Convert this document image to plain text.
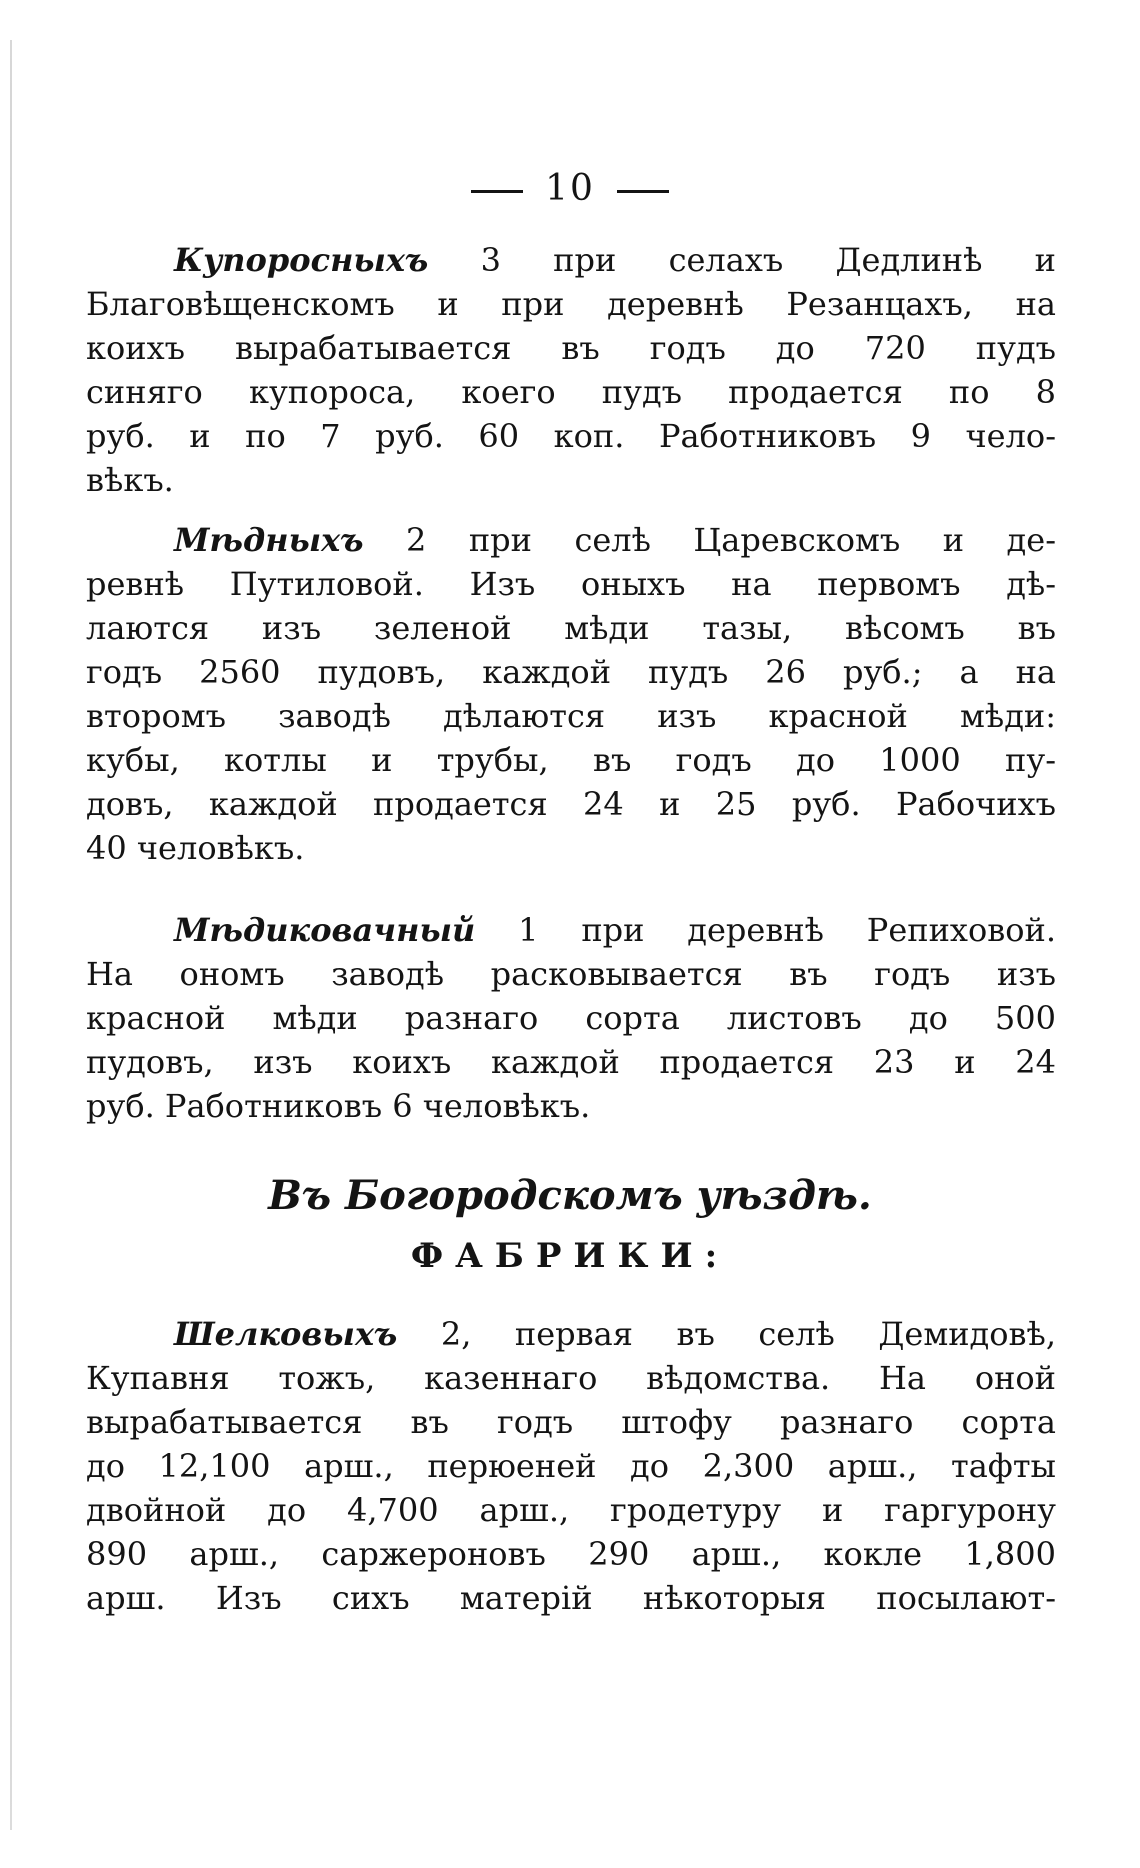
10
Купоросныхъ 3 при селахъ Дедлинѣ и
Благовѣщенскомъ и при деревнѣ Резанцахъ, на
коихъ вырабатывается въ годъ до 720 пудъ
синяго купороса, коего пудъ продается по 8
руб. и по 7 руб. 60 коп. Работниковъ 9 чело-
вѣкъ.
Мѣдныхъ 2 при селѣ Царевскомъ и де-
ревнѣ Путиловой. Изъ оныхъ на первомъ дѣ-
лаются изъ зеленой мѣди тазы, вѣсомъ въ
годъ 2560 пудовъ, каждой пудъ 26 руб.; а на
второмъ заводѣ дѣлаются изъ красной мѣди:
кубы, котлы и трубы, въ годъ до 1000 пу-
довъ, каждой продается 24 и 25 руб. Рабочихъ
40 человѣкъ.
Мѣдиковачный 1 при деревнѣ Репиховой.
На ономъ заводѣ расковывается въ годъ изъ
красной мѣди разнаго сорта листовъ до 500
пудовъ, изъ коихъ каждой продается 23 и 24
руб. Работниковъ 6 человѣкъ.
Въ Богородскомъ уѣздѣ.
ФАБРИКИ:
Шелковыхъ 2, первая въ селѣ Демидовѣ,
Купавня тожъ, казеннаго вѣдомства. На оной
вырабатывается въ годъ штофу разнаго сорта
до 12,100 арш., перюеней до 2,300 арш., тафты
двойной до 4,700 арш., гродетуру и гаргурону
890 арш., саржероновъ 290 арш., кокле 1,800
арш. Изъ сихъ матерій нѣкоторыя посылают-
